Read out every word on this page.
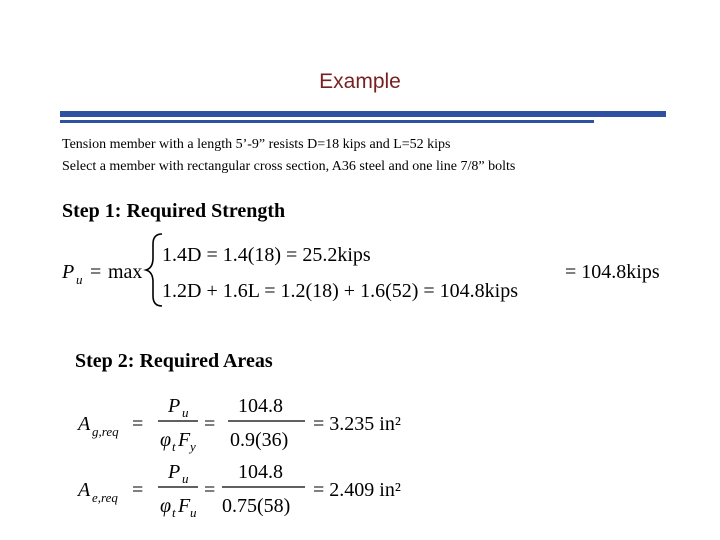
Example
Tension member with a length 5’-9” resists D=18 kips and L=52 kips
Select a member with rectangular cross section, A36 steel and one line 7/8” bolts
Step 1: Required Strength
P u = max
1.4D = 1.4(18) = 25.2kips
1.2D + 1.6L = 1.2(18) + 1.6(52) = 104.8kips
= 104.8kips
Step 2: Required Areas
A g,req =
P u
φ t F y
=
104.8
0.9(36)
= 3.235 in²
A e,req =
P u
φ t F u
=
104.8
0.75(58)
= 2.409 in²
